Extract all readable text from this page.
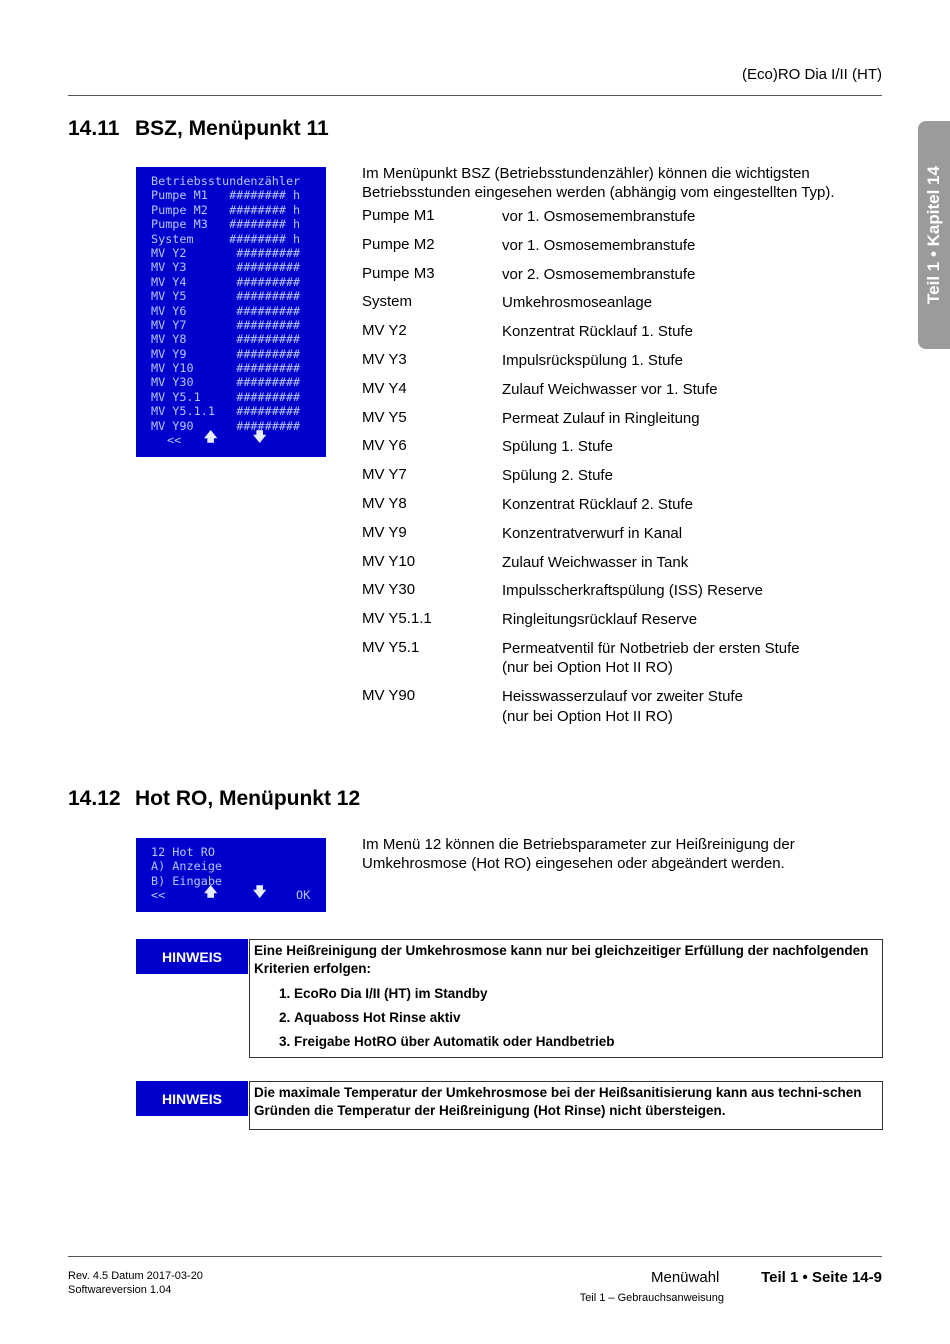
(Eco)RO Dia I/II (HT)
Teil 1 • Kapitel 14
14.11 BSZ, Menüpunkt 11
Betriebsstundenzähler
Pumpe M1   ######## h
Pumpe M2   ######## h
Pumpe M3   ######## h
System     ######## h
MV Y2       #########
MV Y3       #########
MV Y4       #########
MV Y5       #########
MV Y6       #########
MV Y7       #########
MV Y8       #########
MV Y9       #########
MV Y10      #########
MV Y30      #########
MV Y5.1     #########
MV Y5.1.1   #########
MV Y90      #########
<< 🡅	🡇
Im Menüpunkt BSZ (Betriebsstundenzähler) können die wichtigsten Betriebsstunden eingesehen werden (abhängig vom eingestellten Typ).
Pumpe M1	vor 1. Osmosemembranstufe
Pumpe M2	vor 1. Osmosemembranstufe
Pumpe M3	vor 2. Osmosemembranstufe
System	Umkehrosmoseanlage
MV Y2	Konzentrat Rücklauf 1. Stufe
MV Y3	Impulsrückspülung 1. Stufe
MV Y4	Zulauf Weichwasser vor 1. Stufe
MV Y5	Permeat Zulauf in Ringleitung
MV Y6	Spülung 1. Stufe
MV Y7	Spülung 2. Stufe
MV Y8	Konzentrat Rücklauf 2. Stufe
MV Y9	Konzentratverwurf in Kanal
MV Y10	Zulauf Weichwasser in Tank
MV Y30	Impulsscherkraftspülung (ISS) Reserve
MV Y5.1.1	Ringleitungsrücklauf Reserve
MV Y5.1	Permeatventil für Notbetrieb der ersten Stufe
(nur bei Option Hot II RO)
MV Y90	Heisswasserzulauf vor zweiter Stufe
(nur bei Option Hot II RO)
14.12 Hot RO, Menüpunkt 12
12 Hot RO
A) Anzeige
B) Eingabe
<<	🡅	🡇	OK
Im Menü 12 können die Betriebsparameter zur Heißreinigung der Umkehrosmose (Hot RO) eingesehen oder abgeändert werden.
HINWEIS	Eine Heißreinigung der Umkehrosmose kann nur bei gleichzeitiger Erfüllung der nachfolgenden Kriterien erfolgen:
1. EcoRo Dia I/II (HT) im Standby
2. Aquaboss Hot Rinse aktiv
3. Freigabe HotRO über Automatik oder Handbetrieb
HINWEIS	Die maximale Temperatur der Umkehrosmose bei der Heißsanitisierung kann aus techni-schen Gründen die Temperatur der Heißreinigung (Hot Rinse) nicht übersteigen.
Rev. 4.5 Datum 2017-03-20
Softwareversion 1.04
Menüwahl	Teil 1 • Seite 14-9
Teil 1 – Gebrauchsanweisung
